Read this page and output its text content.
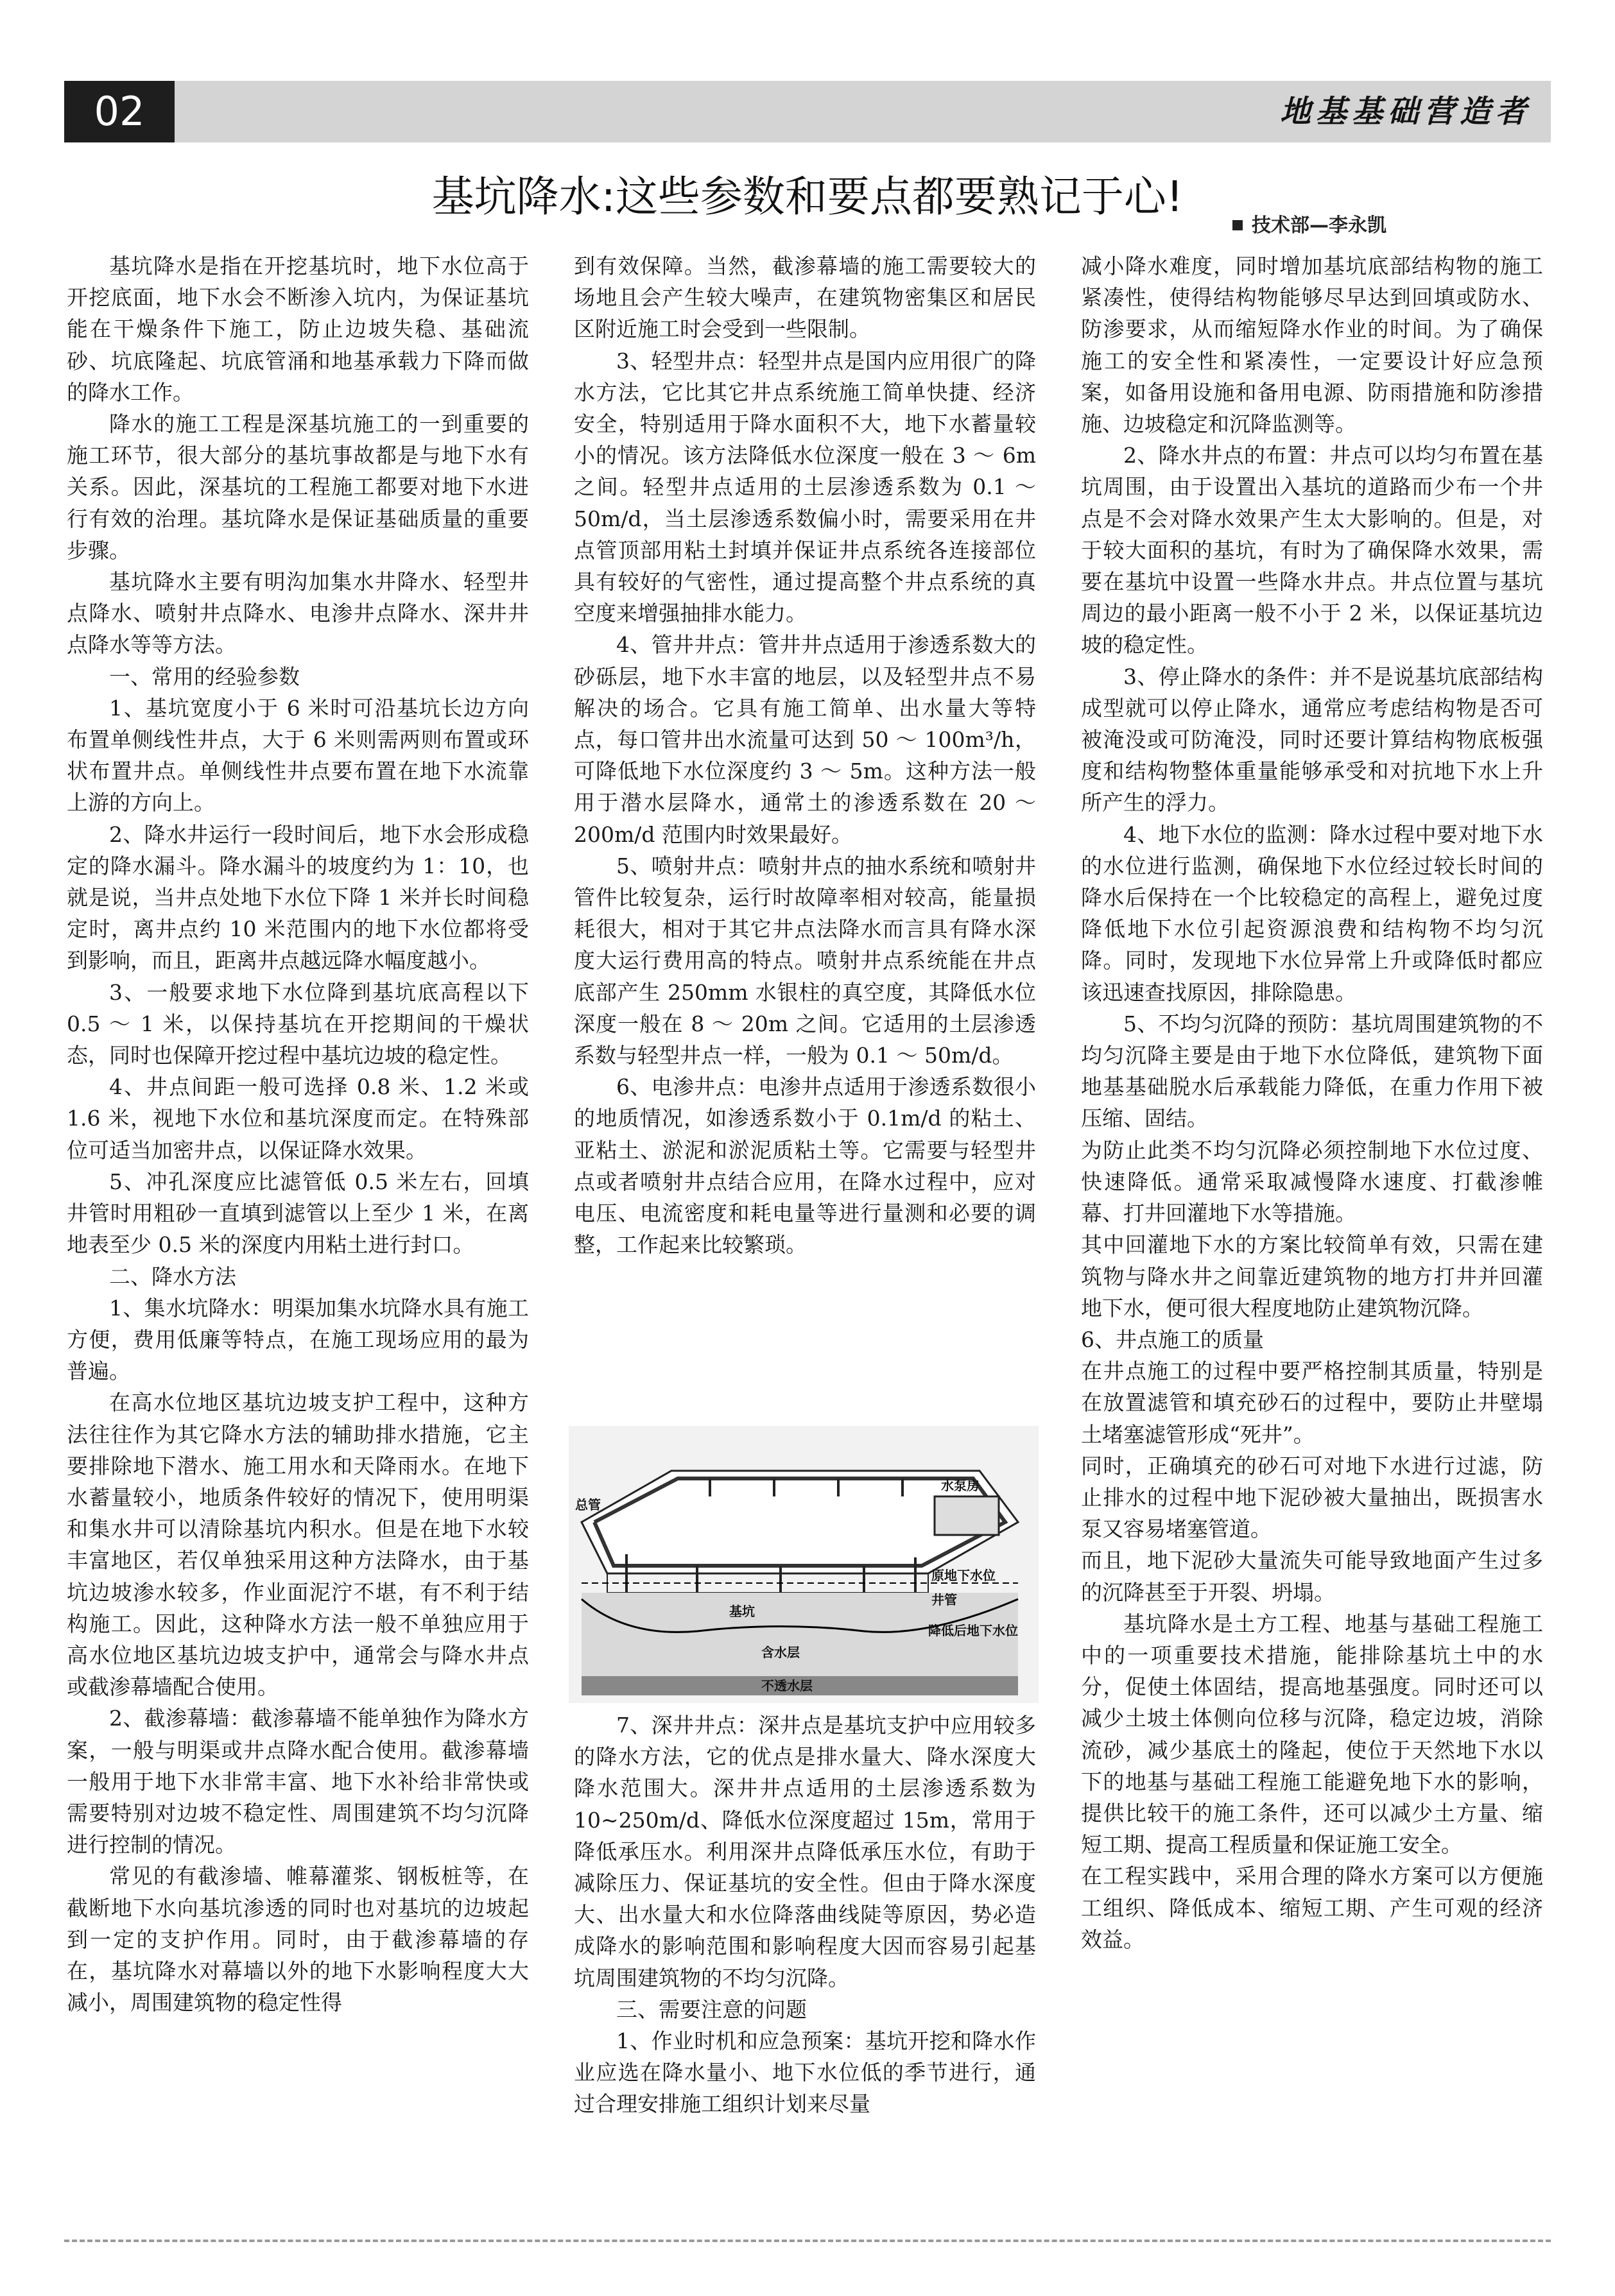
02	地基基础营造者
基坑降水:这些参数和要点都要熟记于心!
技术部—李永凯

基坑降水是指在开挖基坑时，地下水位高于开挖底面，地下水会不断渗入坑内，为保证基坑能在干燥条件下施工，防止边坡失稳、基础流砂、坑底隆起、坑底管涌和地基承载力下降而做的降水工作。

降水的施工工程是深基坑施工的一到重要的施工环节，很大部分的基坑事故都是与地下水有关系。因此，深基坑的工程施工都要对地下水进行有效的治理。基坑降水是保证基础质量的重要步骤。

基坑降水主要有明沟加集水井降水、轻型井点降水、喷射井点降水、电渗井点降水、深井井点降水等等方法。

一、常用的经验参数

1、基坑宽度小于 6 米时可沿基坑长边方向布置单侧线性井点，大于 6 米则需两则布置或环状布置井点。单侧线性井点要布置在地下水流靠上游的方向上。

2、降水井运行一段时间后，地下水会形成稳定的降水漏斗。降水漏斗的坡度约为 1：10，也就是说，当井点处地下水位下降 1 米并长时间稳定时，离井点约 10 米范围内的地下水位都将受到影响，而且，距离井点越远降水幅度越小。

3、一般要求地下水位降到基坑底高程以下 0.5 ～ 1 米，以保持基坑在开挖期间的干燥状态，同时也保障开挖过程中基坑边坡的稳定性。

4、井点间距一般可选择 0.8 米、1.2 米或 1.6 米，视地下水位和基坑深度而定。在特殊部位可适当加密井点，以保证降水效果。

5、冲孔深度应比滤管低 0.5 米左右，回填井管时用粗砂一直填到滤管以上至少 1 米，在离地表至少 0.5 米的深度内用粘土进行封口。

二、降水方法

1、集水坑降水：明渠加集水坑降水具有施工方便，费用低廉等特点，在施工现场应用的最为普遍。

在高水位地区基坑边坡支护工程中，这种方法往往作为其它降水方法的辅助排水措施，它主要排除地下潜水、施工用水和天降雨水。在地下水蓄量较小，地质条件较好的情况下，使用明渠和集水井可以清除基坑内积水。但是在地下水较丰富地区，若仅单独采用这种方法降水，由于基坑边坡渗水较多，作业面泥泞不堪，有不利于结构施工。因此，这种降水方法一般不单独应用于高水位地区基坑边坡支护中，通常会与降水井点或截渗幕墙配合使用。

2、截渗幕墙：截渗幕墙不能单独作为降水方案，一般与明渠或井点降水配合使用。截渗幕墙一般用于地下水非常丰富、地下水补给非常快或需要特别对边坡不稳定性、周围建筑不均匀沉降进行控制的情况。

常见的有截渗墙、帷幕灌浆、钢板桩等，在截断地下水向基坑渗透的同时也对基坑的边坡起到一定的支护作用。同时，由于截渗幕墙的存在，基坑降水对幕墙以外的地下水影响程度大大减小，周围建筑物的稳定性得

到有效保障。当然，截渗幕墙的施工需要较大的场地且会产生较大噪声，在建筑物密集区和居民区附近施工时会受到一些限制。

3、轻型井点：轻型井点是国内应用很广的降水方法，它比其它井点系统施工简单快捷、经济安全，特别适用于降水面积不大，地下水蓄量较小的情况。该方法降低水位深度一般在 3 ～ 6m 之间。轻型井点适用的土层渗透系数为 0.1 ～ 50m/d，当土层渗透系数偏小时，需要采用在井点管顶部用粘土封填并保证井点系统各连接部位具有较好的气密性，通过提高整个井点系统的真空度来增强抽排水能力。

4、管井井点：管井井点适用于渗透系数大的砂砾层，地下水丰富的地层，以及轻型井点不易解决的场合。它具有施工简单、出水量大等特点，每口管井出水流量可达到 50 ～ 100m³/h，可降低地下水位深度约 3 ～ 5m。这种方法一般用于潜水层降水，通常土的渗透系数在 20 ～ 200m/d 范围内时效果最好。

5、喷射井点：喷射井点的抽水系统和喷射井管件比较复杂，运行时故障率相对较高，能量损耗很大，相对于其它井点法降水而言具有降水深度大运行费用高的特点。喷射井点系统能在井点底部产生 250mm 水银柱的真空度，其降低水位深度一般在 8 ～ 20m 之间。它适用的土层渗透系数与轻型井点一样，一般为 0.1 ～ 50m/d。

6、电渗井点：电渗井点适用于渗透系数很小的地质情况，如渗透系数小于 0.1m/d 的粘土、亚粘土、淤泥和淤泥质粘土等。它需要与轻型井点或者喷射井点结合应用，在降水过程中，应对电压、电流密度和耗电量等进行量测和必要的调整，工作起来比较繁琐。

水泵房
总管
原地下水位
井管
基坑
降低后地下水位
含水层
不透水层

7、深井井点：深井点是基坑支护中应用较多的降水方法，它的优点是排水量大、降水深度大降水范围大。深井井点适用的土层渗透系数为 10~250m/d、降低水位深度超过 15m，常用于降低承压水。利用深井点降低承压水位，有助于减除压力、保证基坑的安全性。但由于降水深度大、出水量大和水位降落曲线陡等原因，势必造成降水的影响范围和影响程度大因而容易引起基坑周围建筑物的不均匀沉降。

三、需要注意的问题

1、作业时机和应急预案：基坑开挖和降水作业应选在降水量小、地下水位低的季节进行，通过合理安排施工组织计划来尽量

减小降水难度，同时增加基坑底部结构物的施工紧凑性，使得结构物能够尽早达到回填或防水、防渗要求，从而缩短降水作业的时间。为了确保施工的安全性和紧凑性，一定要设计好应急预案，如备用设施和备用电源、防雨措施和防渗措施、边坡稳定和沉降监测等。

2、降水井点的布置：井点可以均匀布置在基坑周围，由于设置出入基坑的道路而少布一个井点是不会对降水效果产生太大影响的。但是，对于较大面积的基坑，有时为了确保降水效果，需要在基坑中设置一些降水井点。井点位置与基坑周边的最小距离一般不小于 2 米，以保证基坑边坡的稳定性。

3、停止降水的条件：并不是说基坑底部结构成型就可以停止降水，通常应考虑结构物是否可被淹没或可防淹没，同时还要计算结构物底板强度和结构物整体重量能够承受和对抗地下水上升所产生的浮力。

4、地下水位的监测：降水过程中要对地下水的水位进行监测，确保地下水位经过较长时间的降水后保持在一个比较稳定的高程上，避免过度降低地下水位引起资源浪费和结构物不均匀沉降。同时，发现地下水位异常上升或降低时都应该迅速查找原因，排除隐患。

5、不均匀沉降的预防：基坑周围建筑物的不均匀沉降主要是由于地下水位降低，建筑物下面地基基础脱水后承载能力降低，在重力作用下被压缩、固结。

为防止此类不均匀沉降必须控制地下水位过度、快速降低。通常采取减慢降水速度、打截渗帷幕、打井回灌地下水等措施。

其中回灌地下水的方案比较简单有效，只需在建筑物与降水井之间靠近建筑物的地方打井并回灌地下水，便可很大程度地防止建筑物沉降。

6、井点施工的质量

在井点施工的过程中要严格控制其质量，特别是在放置滤管和填充砂石的过程中，要防止井壁塌土堵塞滤管形成“死井”。

同时，正确填充的砂石可对地下水进行过滤，防止排水的过程中地下泥砂被大量抽出，既损害水泵又容易堵塞管道。

而且，地下泥砂大量流失可能导致地面产生过多的沉降甚至于开裂、坍塌。

基坑降水是土方工程、地基与基础工程施工中的一项重要技术措施，能排除基坑土中的水分，促使土体固结，提高地基强度。同时还可以减少土坡土体侧向位移与沉降，稳定边坡，消除流砂，减少基底土的隆起，使位于天然地下水以下的地基与基础工程施工能避免地下水的影响，提供比较干的施工条件，还可以减少土方量、缩短工期、提高工程质量和保证施工安全。

在工程实践中，采用合理的降水方案可以方便施工组织、降低成本、缩短工期、产生可观的经济效益。
